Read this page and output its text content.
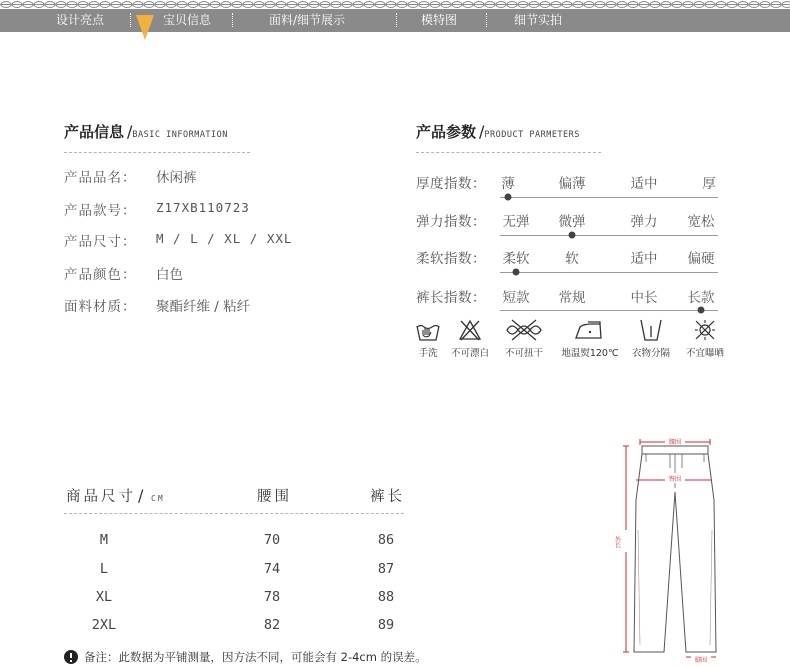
设计亮点	宝贝信息	面料/细节展示	模特图	细节实拍
产品信息 /BASIC INFORMATION
产品品名： 休闲裤
产品款号： Z17XB110723
产品尺寸： M / L / XL / XXL
产品颜色： 白色
面料材质： 聚酯纤维 / 粘纤
产品参数 /PRODUCT PARMETERS
厚度指数： 薄	偏薄	适中	厚
弹力指数： 无弹 微弹	弹力 宽松
柔软指数： 柔软	软	适中 偏硬
裤长指数： 短款 常规	中长 长款
手洗	不可漂白	不可扭干	地温熨120℃	衣物分隔	不宜曝晒
商品尺寸 / CM	腰围	裤长
M	70	86
L	74	87
XL	78	88
2XL	82	89
备注：此数据为平铺测量，因方法不同，可能会有 2-4cm 的误差。
腰围
臀围
外长
脚围
